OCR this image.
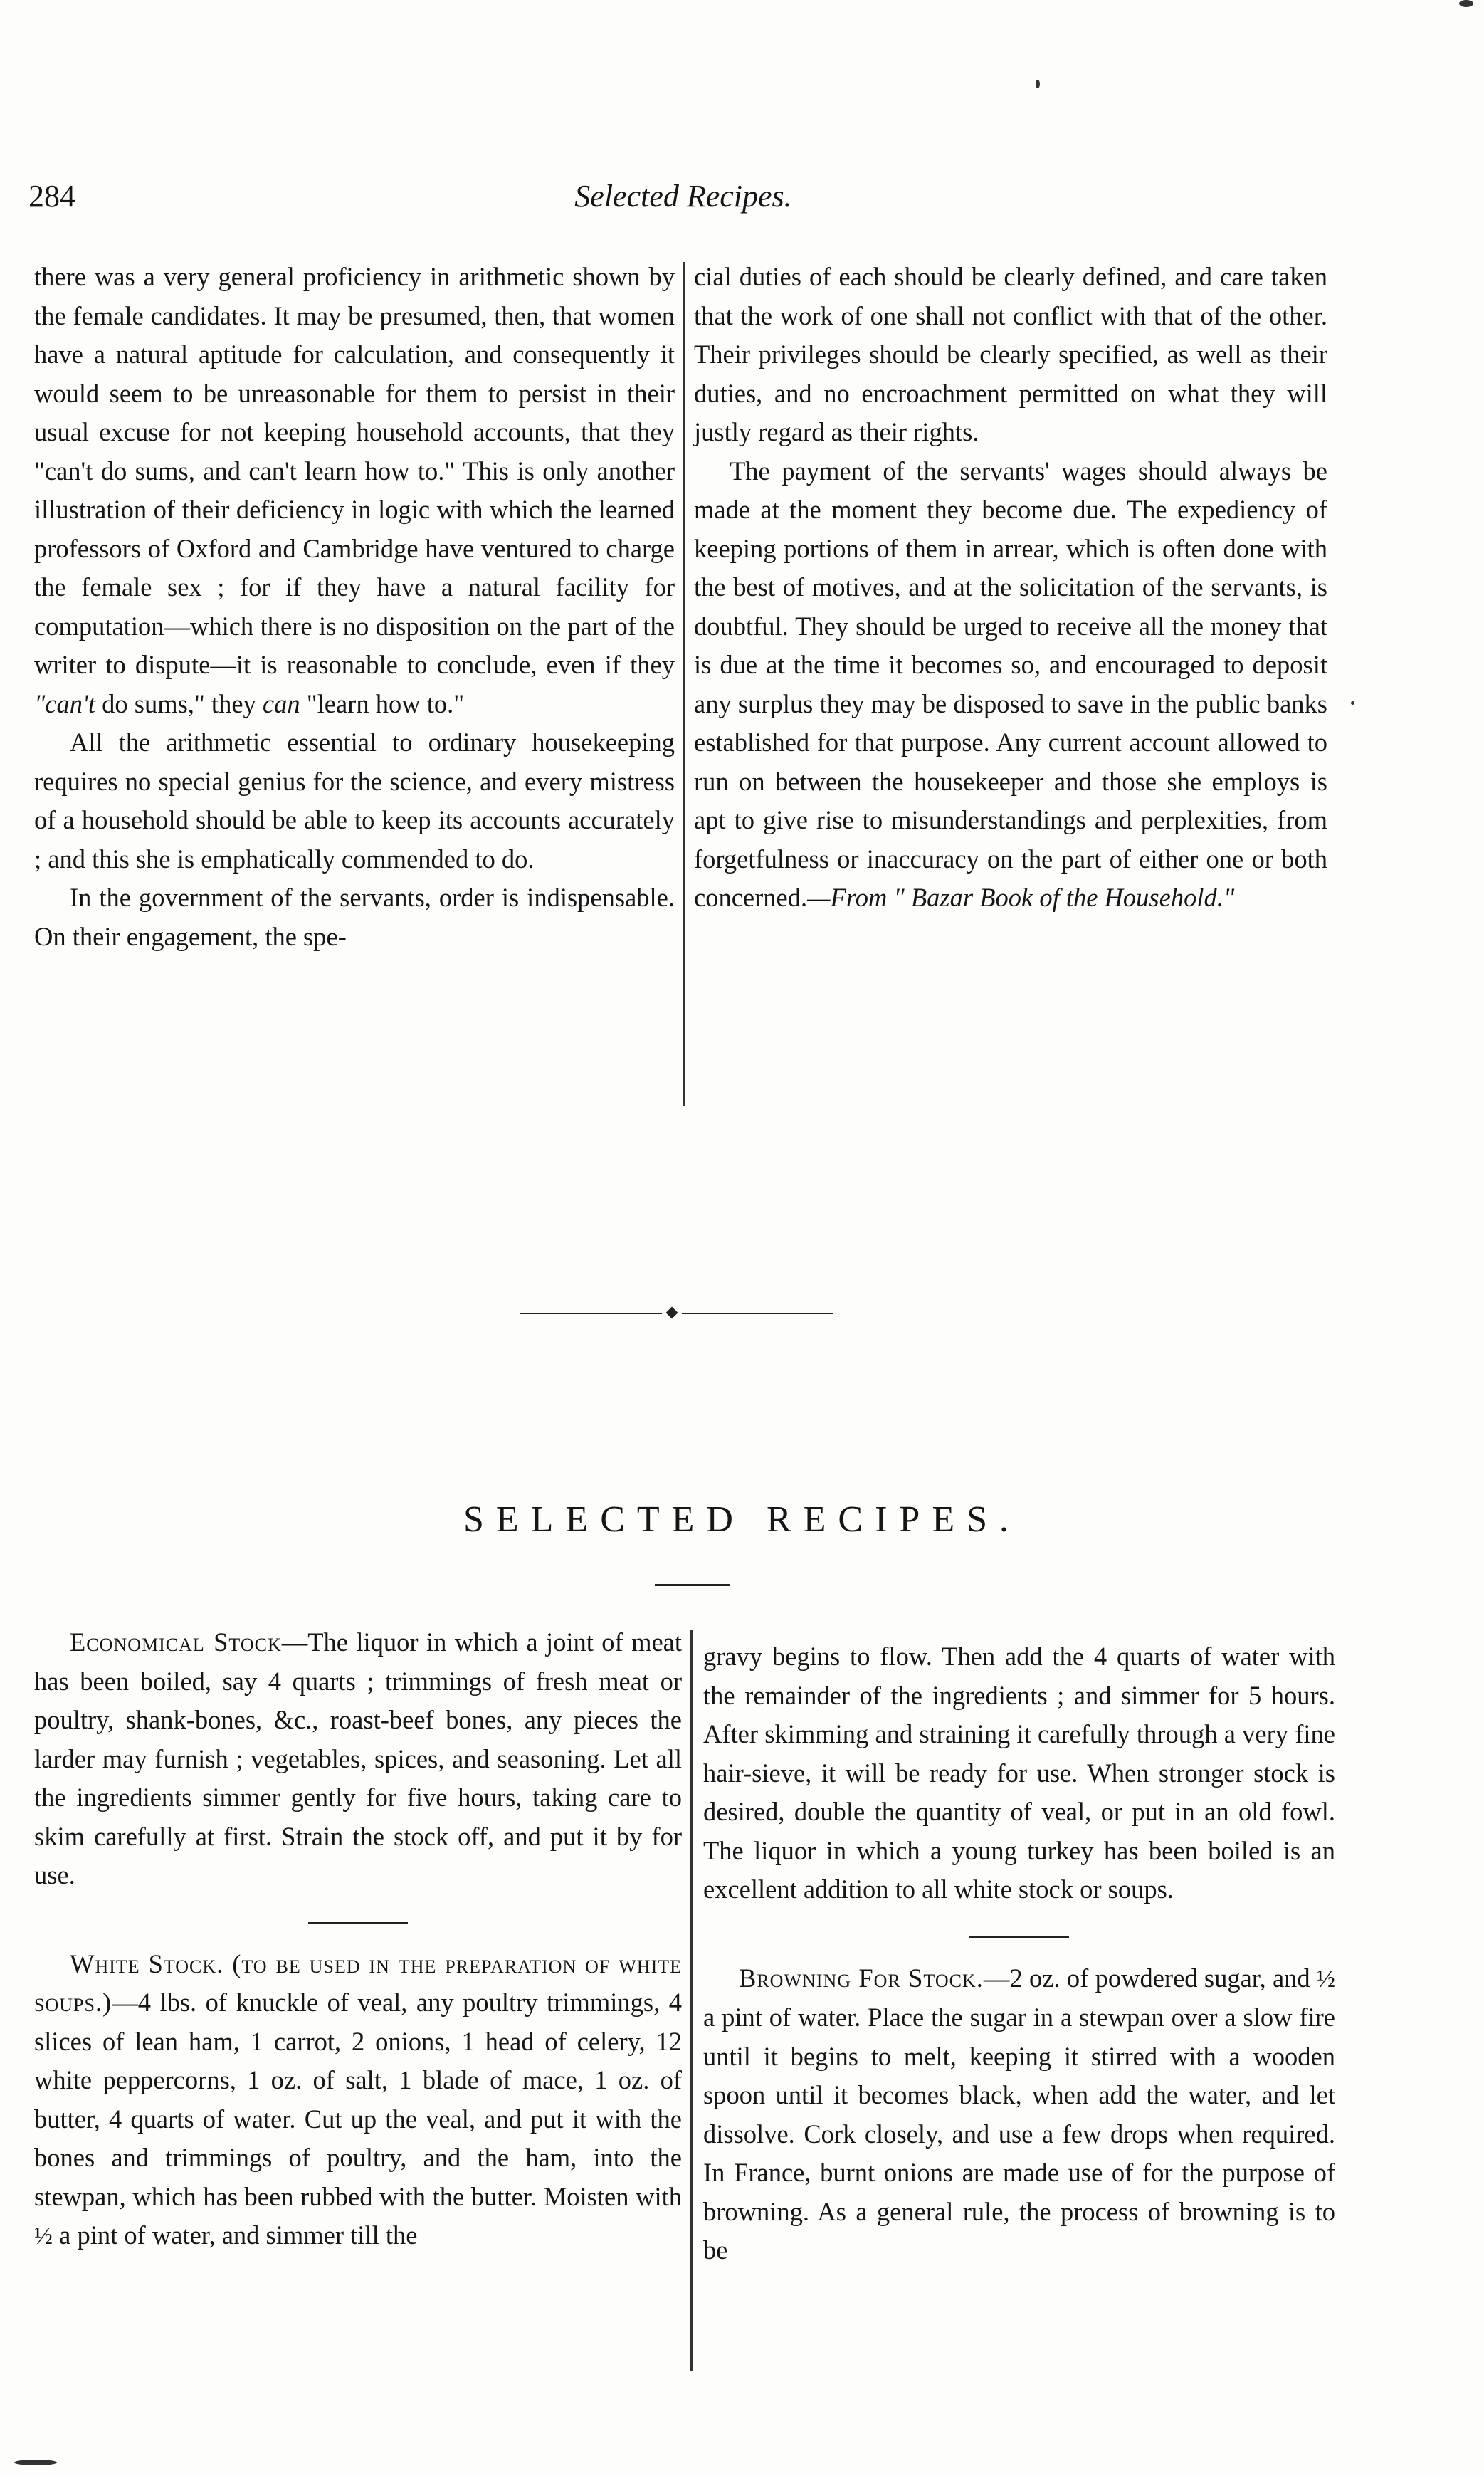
284	Selected Recipes.

there was a very general proficiency in arithmetic shown by the female candidates. It may be presumed, then, that women have a natural aptitude for calculation, and consequently it would seem to be unreasonable for them to persist in their usual excuse for not keeping household accounts, that they "can't do sums, and can't learn how to." This is only another illustration of their deficiency in logic with which the learned professors of Oxford and Cambridge have ventured to charge the female sex ; for if they have a natural facility for computation—which there is no disposition on the part of the writer to dispute—it is reasonable to conclude, even if they "can't do sums," they can "learn how to."

All the arithmetic essential to ordinary housekeeping requires no special genius for the science, and every mistress of a household should be able to keep its accounts accurately ; and this she is emphatically commended to do.

In the government of the servants, order is indispensable. On their engagement, the spe-

cial duties of each should be clearly defined, and care taken that the work of one shall not conflict with that of the other. Their privileges should be clearly specified, as well as their duties, and no encroachment permitted on what they will justly regard as their rights.

The payment of the servants' wages should always be made at the moment they become due. The expediency of keeping portions of them in arrear, which is often done with the best of motives, and at the solicitation of the servants, is doubtful. They should be urged to receive all the money that is due at the time it becomes so, and encouraged to deposit any surplus they may be disposed to save in the public banks established for that purpose. Any current account allowed to run on between the housekeeper and those she employs is apt to give rise to misunderstandings and perplexities, from forgetfulness or inaccuracy on the part of either one or both concerned.—From " Bazar Book of the Household."

SELECTED RECIPES.

Economical Stock—The liquor in which a joint of meat has been boiled, say 4 quarts ; trimmings of fresh meat or poultry, shank-bones, &c., roast-beef bones, any pieces the larder may furnish ; vegetables, spices, and seasoning. Let all the ingredients simmer gently for five hours, taking care to skim carefully at first. Strain the stock off, and put it by for use.

White Stock. (to be used in the preparation of white soups.)—4 lbs. of knuckle of veal, any poultry trimmings, 4 slices of lean ham, 1 carrot, 2 onions, 1 head of celery, 12 white peppercorns, 1 oz. of salt, 1 blade of mace, 1 oz. of butter, 4 quarts of water. Cut up the veal, and put it with the bones and trimmings of poultry, and the ham, into the stewpan, which has been rubbed with the butter. Moisten with ½ a pint of water, and simmer till the

gravy begins to flow. Then add the 4 quarts of water with the remainder of the ingredients ; and simmer for 5 hours. After skimming and straining it carefully through a very fine hair-sieve, it will be ready for use. When stronger stock is desired, double the quantity of veal, or put in an old fowl. The liquor in which a young turkey has been boiled is an excellent addition to all white stock or soups.

Browning For Stock.—2 oz. of powdered sugar, and ½ a pint of water. Place the sugar in a stewpan over a slow fire until it begins to melt, keeping it stirred with a wooden spoon until it becomes black, when add the water, and let dissolve. Cork closely, and use a few drops when required. In France, burnt onions are made use of for the purpose of browning. As a general rule, the process of browning is to be
